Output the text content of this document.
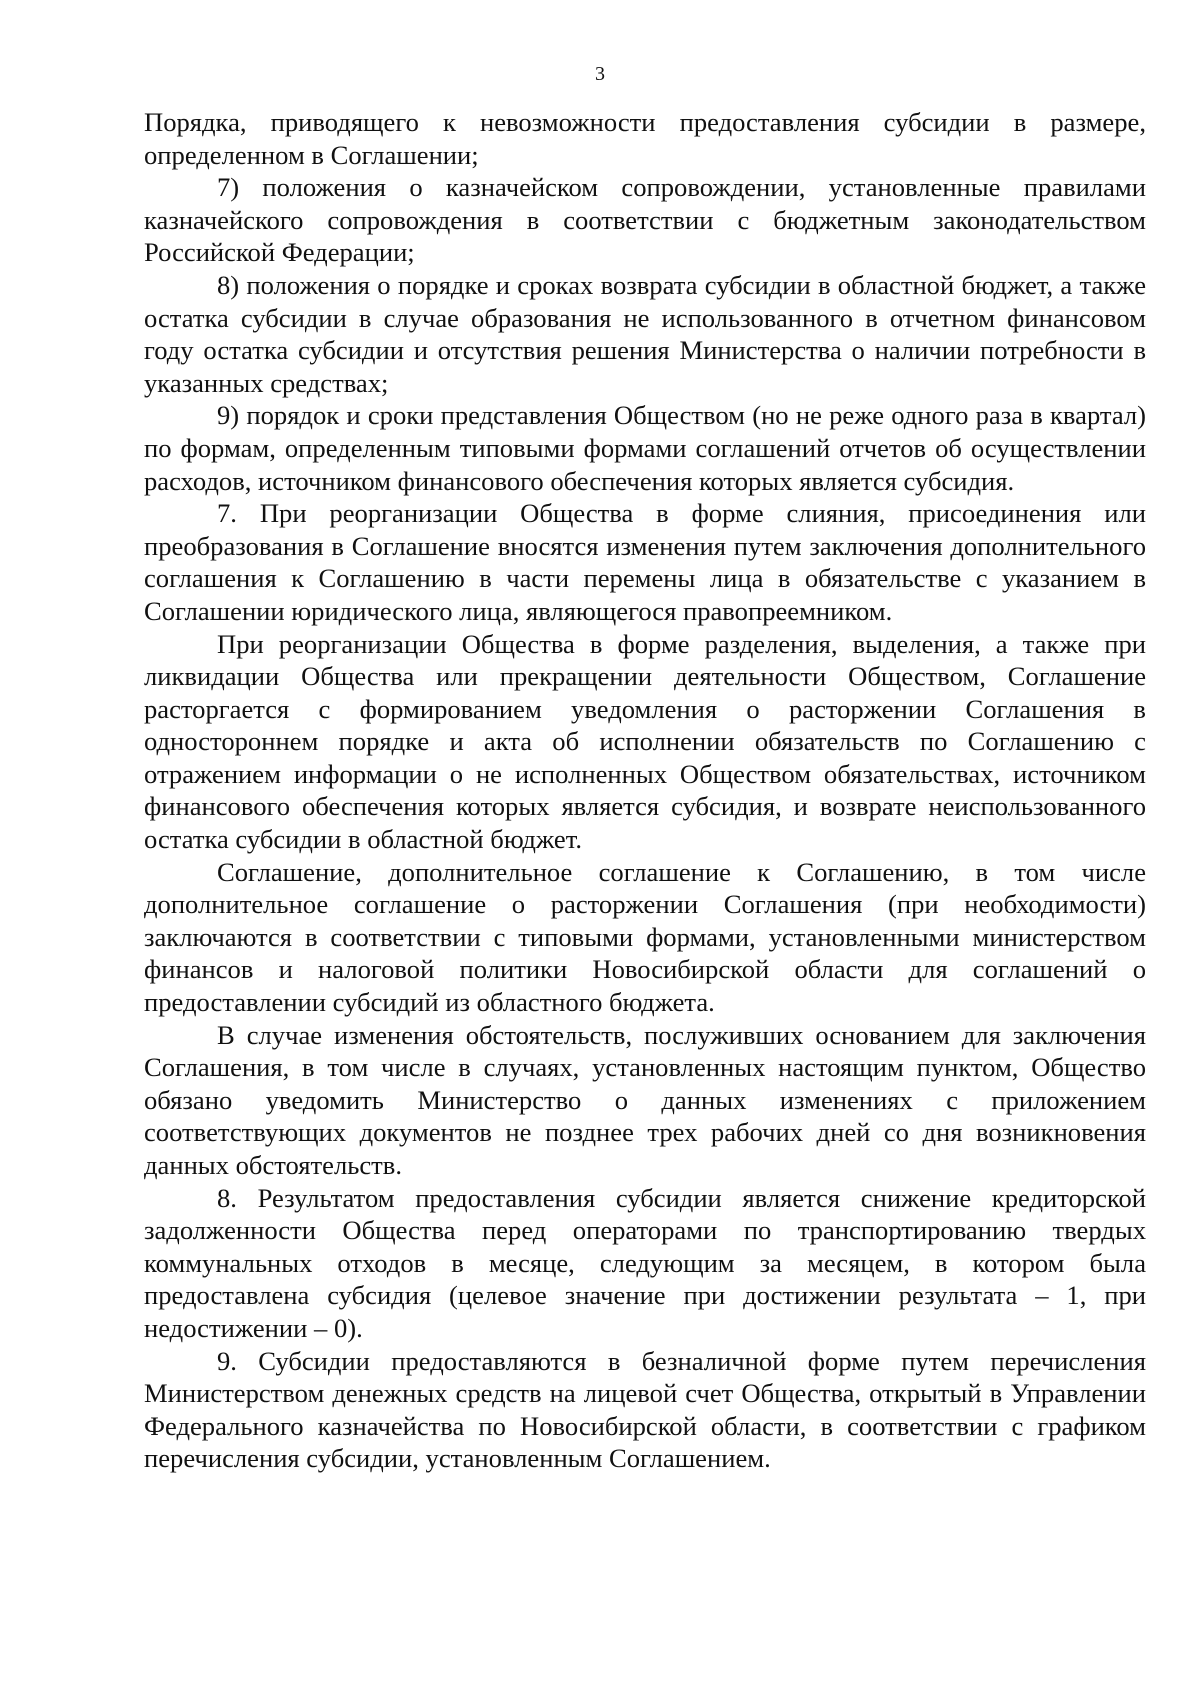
3

Порядка, приводящего к невозможности предоставления субсидии в размере, определенном в Соглашении;

7) положения о казначейском сопровождении, установленные правилами казначейского сопровождения в соответствии с бюджетным законодательством Российской Федерации;

8) положения о порядке и сроках возврата субсидии в областной бюджет, а также остатка субсидии в случае образования не использованного в отчетном финансовом году остатка субсидии и отсутствия решения Министерства о наличии потребности в указанных средствах;

9) порядок и сроки представления Обществом (но не реже одного раза в квартал) по формам, определенным типовыми формами соглашений отчетов об осуществлении расходов, источником финансового обеспечения которых является субсидия.

7. При реорганизации Общества в форме слияния, присоединения или преобразования в Соглашение вносятся изменения путем заключения дополнительного соглашения к Соглашению в части перемены лица в обязательстве с указанием в Соглашении юридического лица, являющегося правопреемником.

При реорганизации Общества в форме разделения, выделения, а также при ликвидации Общества или прекращении деятельности Обществом, Соглашение расторгается с формированием уведомления о расторжении Соглашения в одностороннем порядке и акта об исполнении обязательств по Соглашению с отражением информации о не исполненных Обществом обязательствах, источником финансового обеспечения которых является субсидия, и возврате неиспользованного остатка субсидии в областной бюджет.

Соглашение, дополнительное соглашение к Соглашению, в том числе дополнительное соглашение о расторжении Соглашения (при необходимости) заключаются в соответствии с типовыми формами, установленными министерством финансов и налоговой политики Новосибирской области для соглашений о предоставлении субсидий из областного бюджета.

В случае изменения обстоятельств, послуживших основанием для заключения Соглашения, в том числе в случаях, установленных настоящим пунктом, Общество обязано уведомить Министерство о данных изменениях с приложением соответствующих документов не позднее трех рабочих дней со дня возникновения данных обстоятельств.

8. Результатом предоставления субсидии является снижение кредиторской задолженности Общества перед операторами по транспортированию твердых коммунальных отходов в месяце, следующим за месяцем, в котором была предоставлена субсидия (целевое значение при достижении результата – 1, при недостижении – 0).

9. Субсидии предоставляются в безналичной форме путем перечисления Министерством денежных средств на лицевой счет Общества, открытый в Управлении Федерального казначейства по Новосибирской области, в соответствии с графиком перечисления субсидии, установленным Соглашением.
